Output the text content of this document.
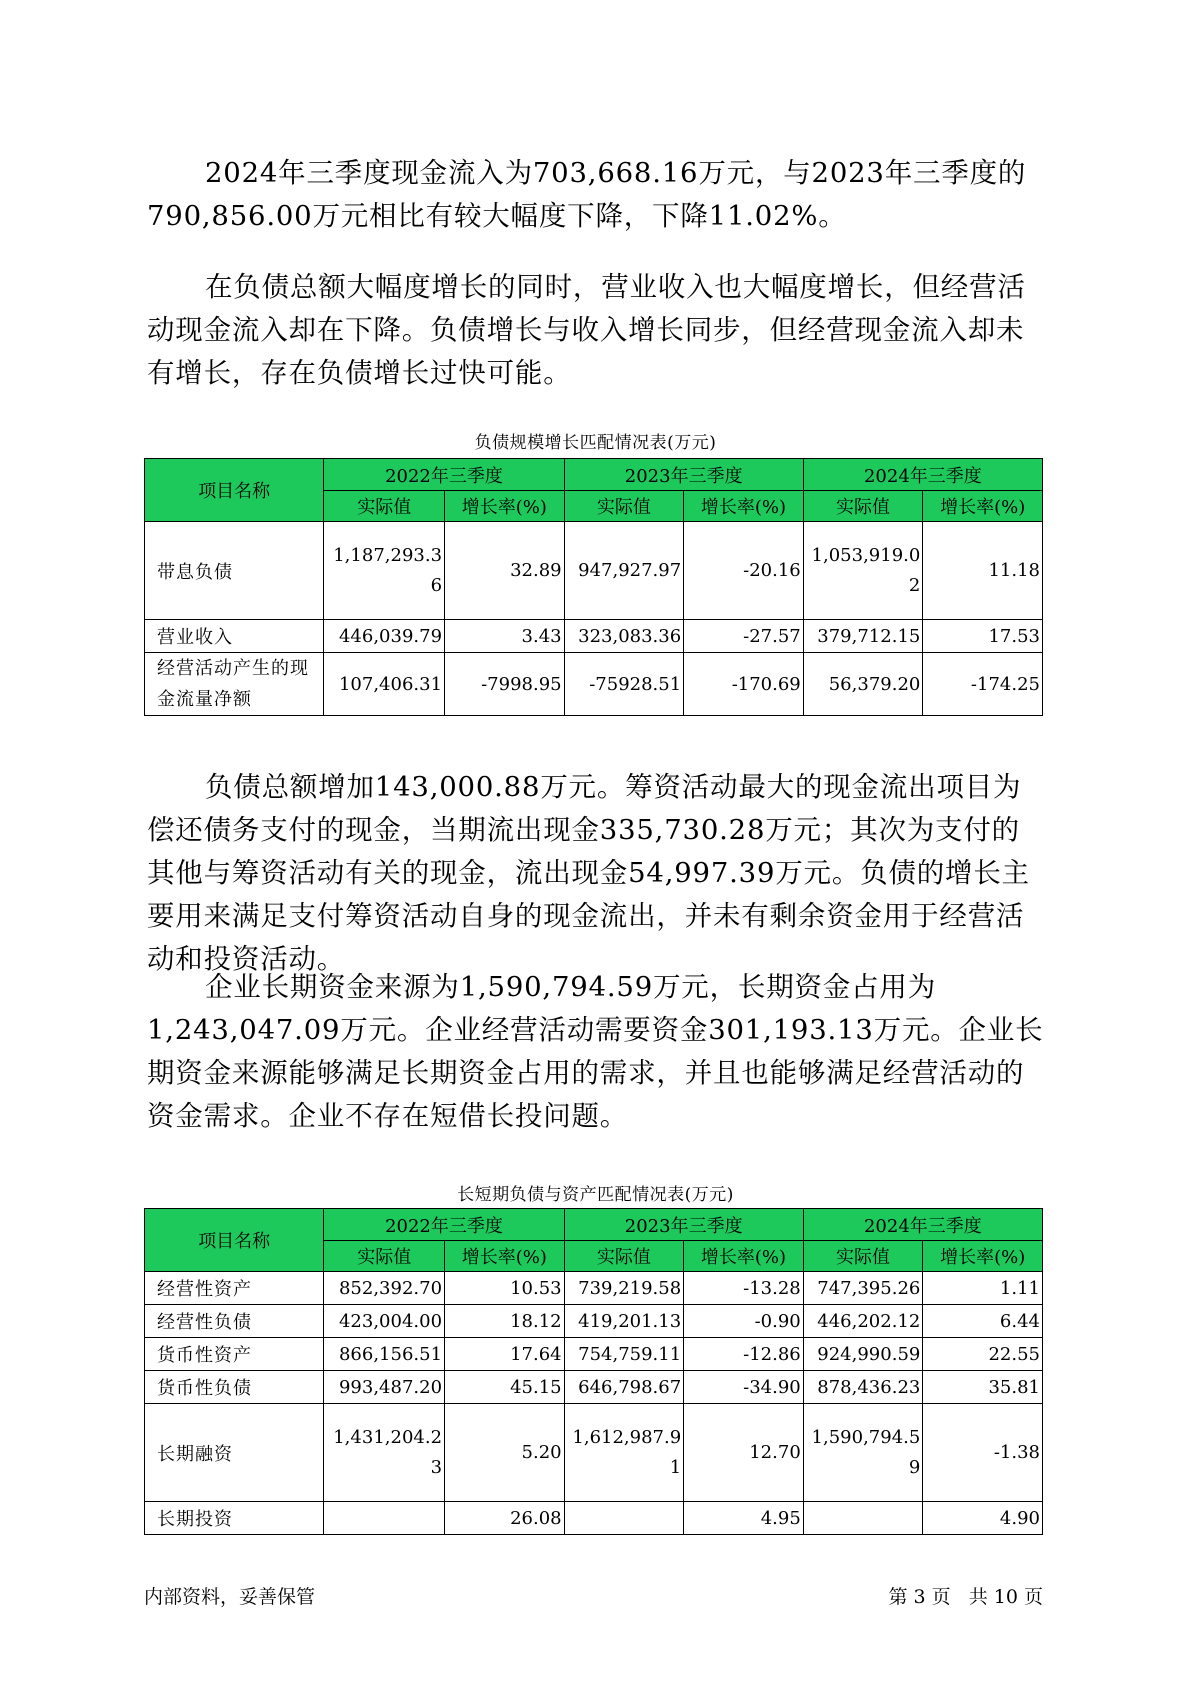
2024年三季度现金流入为703,668.16万元，与2023年三季度的790,856.00万元相比有较大幅度下降，下降11.02%。

在负债总额大幅度增长的同时，营业收入也大幅度增长，但经营活动现金流入却在下降。负债增长与收入增长同步，但经营现金流入却未有增长，存在负债增长过快可能。

负债规模增长匹配情况表(万元)
项目名称	2022年三季度		2023年三季度		2024年三季度	
	实际值	增长率(%)	实际值	增长率(%)	实际值	增长率(%)
带息负债	1,187,293.36	32.89	947,927.97	-20.16	1,053,919.02	11.18
营业收入	446,039.79	3.43	323,083.36	-27.57	379,712.15	17.53
经营活动产生的现金流量净额	107,406.31	-7998.95	-75928.51	-170.69	56,379.20	-174.25

负债总额增加143,000.88万元。筹资活动最大的现金流出项目为偿还债务支付的现金，当期流出现金335,730.28万元；其次为支付的其他与筹资活动有关的现金，流出现金54,997.39万元。负债的增长主要用来满足支付筹资活动自身的现金流出，并未有剩余资金用于经营活动和投资活动。

企业长期资金来源为1,590,794.59万元，长期资金占用为1,243,047.09万元。企业经营活动需要资金301,193.13万元。企业长期资金来源能够满足长期资金占用的需求，并且也能够满足经营活动的资金需求。企业不存在短借长投问题。

长短期负债与资产匹配情况表(万元)
项目名称	2022年三季度		2023年三季度		2024年三季度	
	实际值	增长率(%)	实际值	增长率(%)	实际值	增长率(%)
经营性资产	852,392.70	10.53	739,219.58	-13.28	747,395.26	1.11
经营性负债	423,004.00	18.12	419,201.13	-0.90	446,202.12	6.44
货币性资产	866,156.51	17.64	754,759.11	-12.86	924,990.59	22.55
货币性负债	993,487.20	45.15	646,798.67	-34.90	878,436.23	35.81
长期融资	1,431,204.23	5.20	1,612,987.91	12.70	1,590,794.59	-1.38
长期投资		26.08		4.95		4.90
内部资料，妥善保管	第 3 页   共 10 页
